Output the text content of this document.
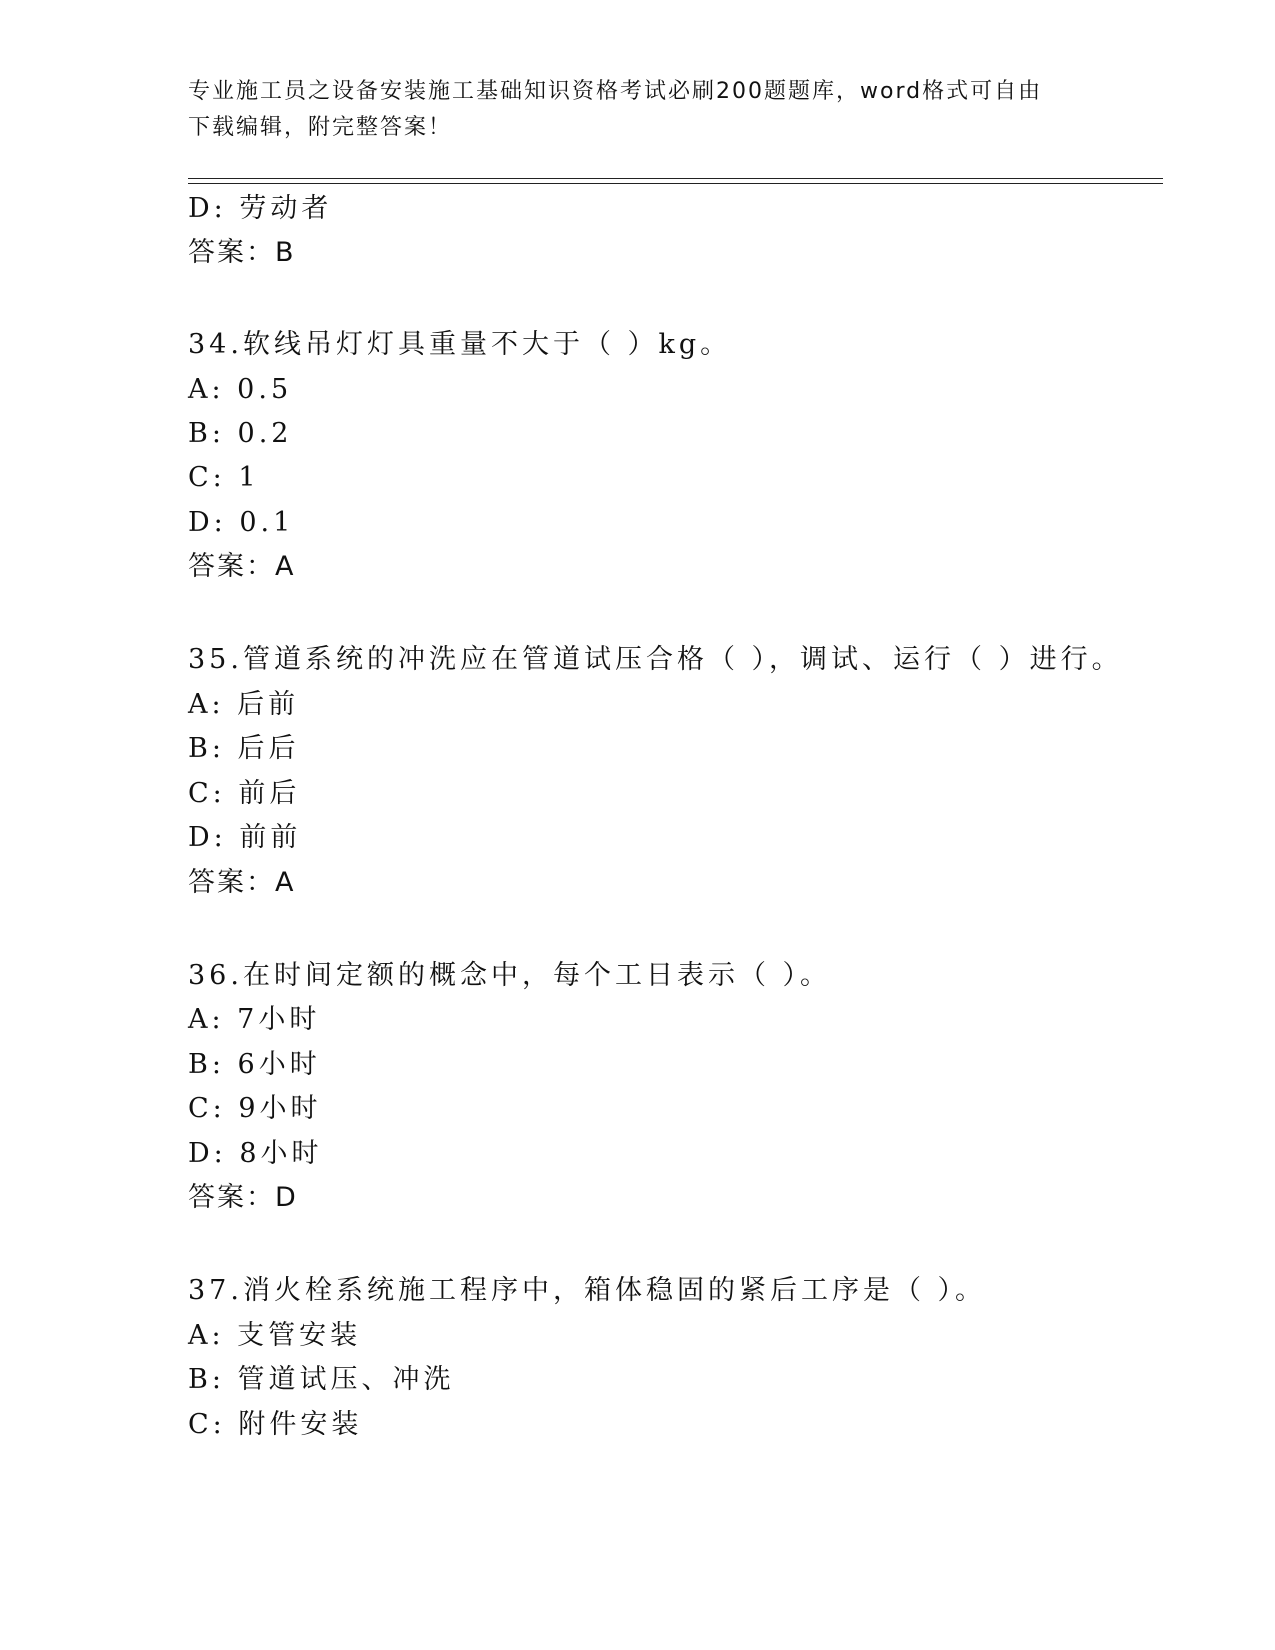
专业施工员之设备安装施工基础知识资格考试必刷200题题库，word格式可自由
下载编辑，附完整答案！
D: 劳动者
答案：B
34.软线吊灯灯具重量不大于（ ）kg。
A: 0.5
B: 0.2
C: 1
D: 0.1
答案：A
35.管道系统的冲洗应在管道试压合格（ ），调试、运行（ ）进行。
A: 后前
B: 后后
C: 前后
D: 前前
答案：A
36.在时间定额的概念中，每个工日表示（ ）。
A: 7小时
B: 6小时
C: 9小时
D: 8小时
答案：D
37.消火栓系统施工程序中，箱体稳固的紧后工序是（ ）。
A: 支管安装
B: 管道试压、冲洗
C: 附件安装
